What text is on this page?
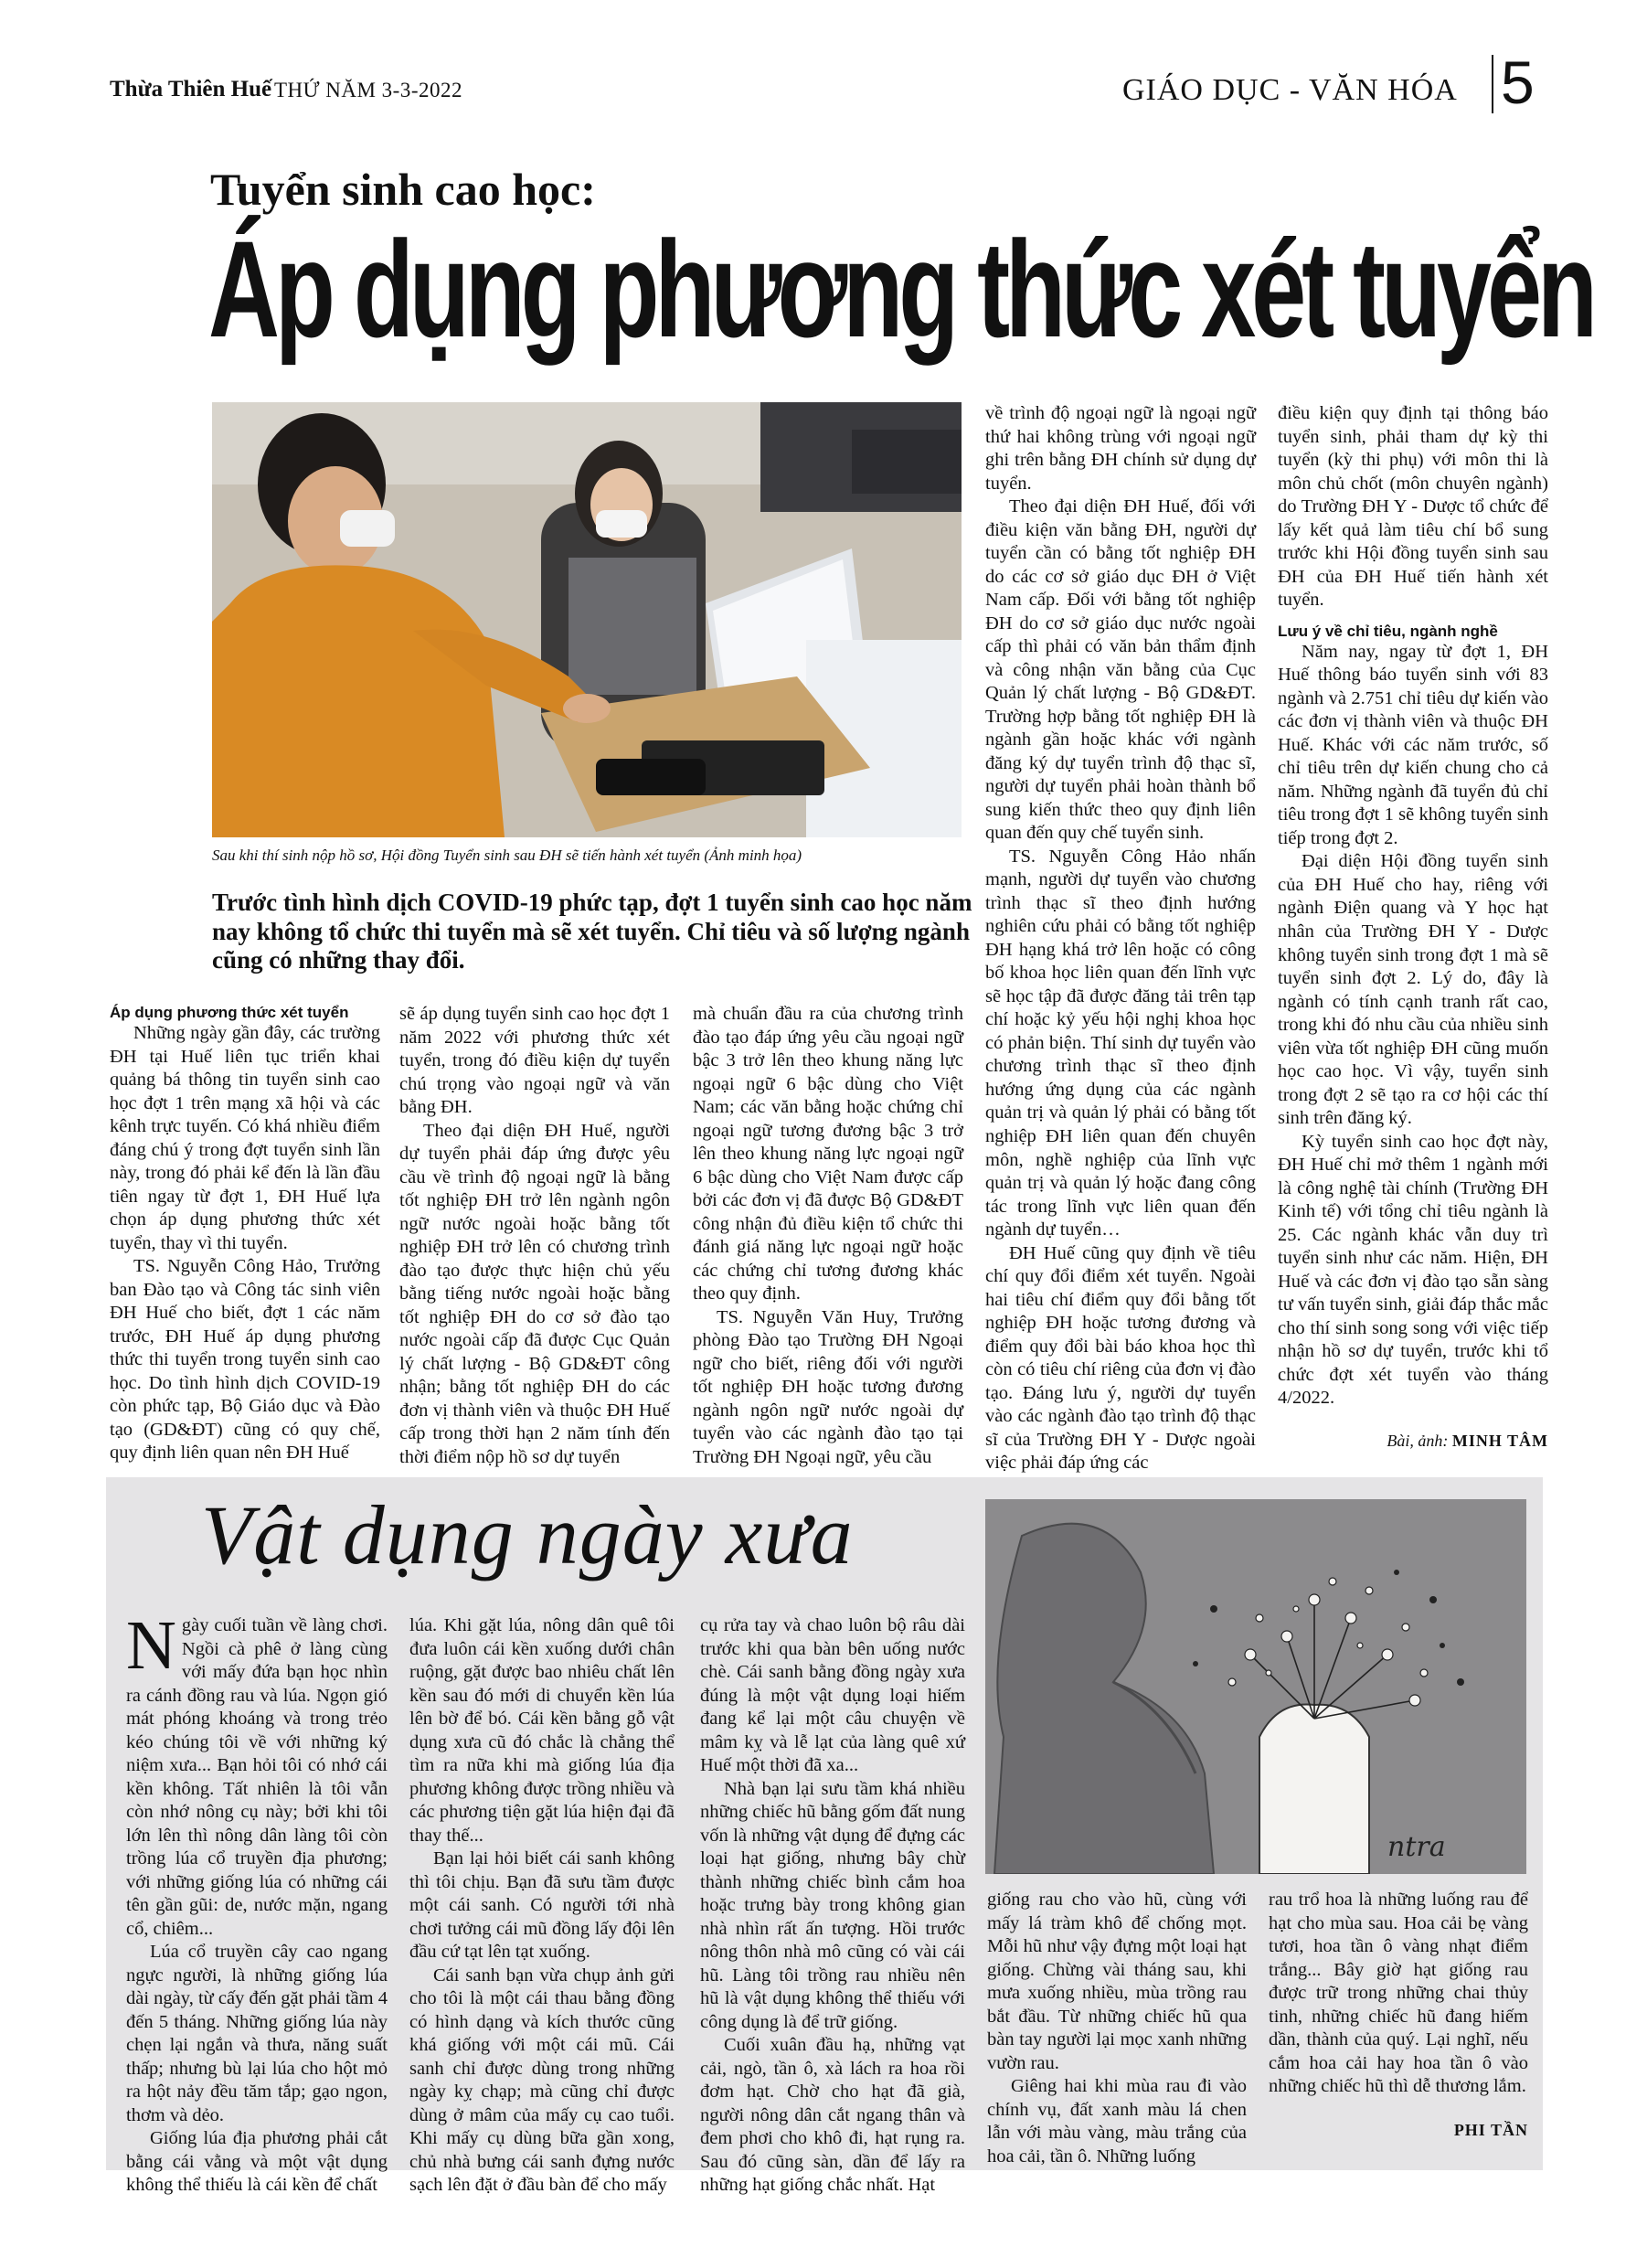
Thừa Thiên Huế THỨ NĂM 3-3-2022	GIÁO DỤC - VĂN HÓA 5
Tuyển sinh cao học:
Áp dụng phương thức xét tuyển
Sau khi thí sinh nộp hồ sơ, Hội đồng Tuyển sinh sau ĐH sẽ tiến hành xét tuyển (Ảnh minh họa)
Trước tình hình dịch COVID-19 phức tạp, đợt 1 tuyển sinh cao học năm nay không tổ chức thi tuyển mà sẽ xét tuyển. Chỉ tiêu và số lượng ngành cũng có những thay đổi.

Áp dụng phương thức xét tuyển

Những ngày gần đây, các trường ĐH tại Huế liên tục triển khai quảng bá thông tin tuyển sinh cao học đợt 1 trên mạng xã hội và các kênh trực tuyến. Có khá nhiều điểm đáng chú ý trong đợt tuyển sinh lần này, trong đó phải kể đến là lần đầu tiên ngay từ đợt 1, ĐH Huế lựa chọn áp dụng phương thức xét tuyển, thay vì thi tuyển.

TS. Nguyễn Công Hảo, Trưởng ban Đào tạo và Công tác sinh viên ĐH Huế cho biết, đợt 1 các năm trước, ĐH Huế áp dụng phương thức thi tuyển trong tuyển sinh cao học. Do tình hình dịch COVID-19 còn phức tạp, Bộ Giáo dục và Đào tạo (GD&ĐT) cũng có quy chế, quy định liên quan nên ĐH Huế

sẽ áp dụng tuyển sinh cao học đợt 1 năm 2022 với phương thức xét tuyển, trong đó điều kiện dự tuyển chú trọng vào ngoại ngữ và văn bằng ĐH.

Theo đại diện ĐH Huế, người dự tuyển phải đáp ứng được yêu cầu về trình độ ngoại ngữ là bằng tốt nghiệp ĐH trở lên ngành ngôn ngữ nước ngoài hoặc bằng tốt nghiệp ĐH trở lên có chương trình đào tạo được thực hiện chủ yếu bằng tiếng nước ngoài hoặc bằng tốt nghiệp ĐH do cơ sở đào tạo nước ngoài cấp đã được Cục Quản lý chất lượng - Bộ GD&ĐT công nhận; bằng tốt nghiệp ĐH do các đơn vị thành viên và thuộc ĐH Huế cấp trong thời hạn 2 năm tính đến thời điểm nộp hồ sơ dự tuyển

mà chuẩn đầu ra của chương trình đào tạo đáp ứng yêu cầu ngoại ngữ bậc 3 trở lên theo khung năng lực ngoại ngữ 6 bậc dùng cho Việt Nam; các văn bằng hoặc chứng chỉ ngoại ngữ tương đương bậc 3 trở lên theo khung năng lực ngoại ngữ 6 bậc dùng cho Việt Nam được cấp bởi các đơn vị đã được Bộ GD&ĐT công nhận đủ điều kiện tổ chức thi đánh giá năng lực ngoại ngữ hoặc các chứng chỉ tương đương khác theo quy định.

TS. Nguyễn Văn Huy, Trưởng phòng Đào tạo Trường ĐH Ngoại ngữ cho biết, riêng đối với người tốt nghiệp ĐH hoặc tương đương ngành ngôn ngữ nước ngoài dự tuyển vào các ngành đào tạo tại Trường ĐH Ngoại ngữ, yêu cầu

về trình độ ngoại ngữ là ngoại ngữ thứ hai không trùng với ngoại ngữ ghi trên bằng ĐH chính sử dụng dự tuyển.

Theo đại diện ĐH Huế, đối với điều kiện văn bằng ĐH, người dự tuyển cần có bằng tốt nghiệp ĐH do các cơ sở giáo dục ĐH ở Việt Nam cấp. Đối với bằng tốt nghiệp ĐH do cơ sở giáo dục nước ngoài cấp thì phải có văn bản thẩm định và công nhận văn bằng của Cục Quản lý chất lượng - Bộ GD&ĐT. Trường hợp bằng tốt nghiệp ĐH là ngành gần hoặc khác với ngành đăng ký dự tuyển trình độ thạc sĩ, người dự tuyển phải hoàn thành bổ sung kiến thức theo quy định liên quan đến quy chế tuyển sinh.

TS. Nguyễn Công Hảo nhấn mạnh, người dự tuyển vào chương trình thạc sĩ theo định hướng nghiên cứu phải có bằng tốt nghiệp ĐH hạng khá trở lên hoặc có công bố khoa học liên quan đến lĩnh vực sẽ học tập đã được đăng tải trên tạp chí hoặc kỷ yếu hội nghị khoa học có phản biện. Thí sinh dự tuyển vào chương trình thạc sĩ theo định hướng ứng dụng của các ngành quản trị và quản lý phải có bằng tốt nghiệp ĐH liên quan đến chuyên môn, nghề nghiệp của lĩnh vực quản trị và quản lý hoặc đang công tác trong lĩnh vực liên quan đến ngành dự tuyển…

ĐH Huế cũng quy định về tiêu chí quy đổi điểm xét tuyển. Ngoài hai tiêu chí điểm quy đổi bằng tốt nghiệp ĐH hoặc tương đương và điểm quy đổi bài báo khoa học thì còn có tiêu chí riêng của đơn vị đào tạo. Đáng lưu ý, người dự tuyển vào các ngành đào tạo trình độ thạc sĩ của Trường ĐH Y - Dược ngoài việc phải đáp ứng các

điều kiện quy định tại thông báo tuyển sinh, phải tham dự kỳ thi tuyển (kỳ thi phụ) với môn thi là môn chủ chốt (môn chuyên ngành) do Trường ĐH Y - Dược tổ chức để lấy kết quả làm tiêu chí bổ sung trước khi Hội đồng tuyển sinh sau ĐH của ĐH Huế tiến hành xét tuyển.

Lưu ý về chỉ tiêu, ngành nghề

Năm nay, ngay từ đợt 1, ĐH Huế thông báo tuyển sinh với 83 ngành và 2.751 chỉ tiêu dự kiến vào các đơn vị thành viên và thuộc ĐH Huế. Khác với các năm trước, số chỉ tiêu trên dự kiến chung cho cả năm. Những ngành đã tuyển đủ chỉ tiêu trong đợt 1 sẽ không tuyển sinh tiếp trong đợt 2.

Đại diện Hội đồng tuyển sinh của ĐH Huế cho hay, riêng với ngành Điện quang và Y học hạt nhân của Trường ĐH Y - Dược không tuyển sinh trong đợt 1 mà sẽ tuyển sinh đợt 2. Lý do, đây là ngành có tính cạnh tranh rất cao, trong khi đó nhu cầu của nhiều sinh viên vừa tốt nghiệp ĐH cũng muốn học cao học. Vì vậy, tuyển sinh trong đợt 2 sẽ tạo ra cơ hội các thí sinh trên đăng ký.

Kỳ tuyển sinh cao học đợt này, ĐH Huế chỉ mở thêm 1 ngành mới là công nghệ tài chính (Trường ĐH Kinh tế) với tổng chỉ tiêu ngành là 25. Các ngành khác vẫn duy trì tuyển sinh như các năm. Hiện, ĐH Huế và các đơn vị đào tạo sẵn sàng tư vấn tuyển sinh, giải đáp thắc mắc cho thí sinh song song với việc tiếp nhận hồ sơ dự tuyển, trước khi tổ chức đợt xét tuyển vào tháng 4/2022.

Bài, ảnh: MINH TÂM
Vật dụng ngày xưa
ntra

Ngày cuối tuần về làng chơi. Ngồi cà phê ở làng cùng với mấy đứa bạn học nhìn ra cánh đồng rau và lúa. Ngọn gió mát phóng khoáng và trong trẻo kéo chúng tôi về với những ký niệm xưa... Bạn hỏi tôi có nhớ cái kền không. Tất nhiên là tôi vẫn còn nhớ nông cụ này; bởi khi tôi lớn lên thì nông dân làng tôi còn trồng lúa cổ truyền địa phương; với những giống lúa có những cái tên gần gũi: de, nước mặn, ngang cổ, chiêm...

Lúa cổ truyền cây cao ngang ngực người, là những giống lúa dài ngày, từ cấy đến gặt phải tầm 4 đến 5 tháng. Những giống lúa này chẹn lại ngắn và thưa, năng suất thấp; nhưng bù lại lúa cho hột mỏ ra hột nảy đều tăm tắp; gạo ngon, thơm và dẻo.

Giống lúa địa phương phải cắt bằng cái vằng và một vật dụng không thể thiếu là cái kền để chất

lúa. Khi gặt lúa, nông dân quê tôi đưa luôn cái kền xuống dưới chân ruộng, gặt được bao nhiêu chất lên kền sau đó mới di chuyển kền lúa lên bờ để bó. Cái kền bằng gỗ vật dụng xưa cũ đó chắc là chẳng thể tìm ra nữa khi mà giống lúa địa phương không được trồng nhiều và các phương tiện gặt lúa hiện đại đã thay thế...

Bạn lại hỏi biết cái sanh không thì tôi chịu. Bạn đã sưu tầm được một cái sanh. Có người tới nhà chơi tưởng cái mũ đồng lấy đội lên đầu cứ tạt lên tạt xuống.

Cái sanh bạn vừa chụp ảnh gửi cho tôi là một cái thau bằng đồng có hình dạng và kích thước cũng khá giống với một cái mũ. Cái sanh chỉ được dùng trong những ngày kỵ chạp; mà cũng chỉ được dùng ở mâm của mấy cụ cao tuổi. Khi mấy cụ dùng bữa gần xong, chủ nhà bưng cái sanh đựng nước sạch lên đặt ở đầu bàn để cho mấy

cụ rửa tay và chao luôn bộ râu dài trước khi qua bàn bên uống nước chè. Cái sanh bằng đồng ngày xưa đúng là một vật dụng loại hiếm đang kể lại một câu chuyện về mâm kỵ và lễ lạt của làng quê xứ Huế một thời đã xa...

Nhà bạn lại sưu tầm khá nhiều những chiếc hũ bằng gốm đất nung vốn là những vật dụng để đựng các loại hạt giống, nhưng bây chừ thành những chiếc bình cắm hoa hoặc trưng bày trong không gian nhà nhìn rất ấn tượng. Hồi trước nông thôn nhà mô cũng có vài cái hũ. Làng tôi trồng rau nhiều nên hũ là vật dụng không thể thiếu với công dụng là để trữ giống.

Cuối xuân đầu hạ, những vạt cải, ngò, tần ô, xà lách ra hoa rồi đơm hạt. Chờ cho hạt đã già, người nông dân cắt ngang thân và đem phơi cho khô đi, hạt rụng ra. Sau đó cũng sàn, dần để lấy ra những hạt giống chắc nhất. Hạt

giống rau cho vào hũ, cùng với mấy lá tràm khô để chống mọt. Mỗi hũ như vậy đựng một loại hạt giống. Chừng vài tháng sau, khi mưa xuống nhiều, mùa trồng rau bắt đầu. Từ những chiếc hũ qua bàn tay người lại mọc xanh những vườn rau.

Giêng hai khi mùa rau đi vào chính vụ, đất xanh màu lá chen lẫn với màu vàng, màu trắng của hoa cải, tần ô. Những luống

rau trổ hoa là những luống rau để hạt cho mùa sau. Hoa cải bẹ vàng tươi, hoa tần ô vàng nhạt điểm trắng... Bây giờ hạt giống rau được trữ trong những chai thủy tinh, những chiếc hũ đang hiếm dần, thành của quý. Lại nghĩ, nếu cắm hoa cải hay hoa tần ô vào những chiếc hũ thì dễ thương lắm.

PHI TẦN
